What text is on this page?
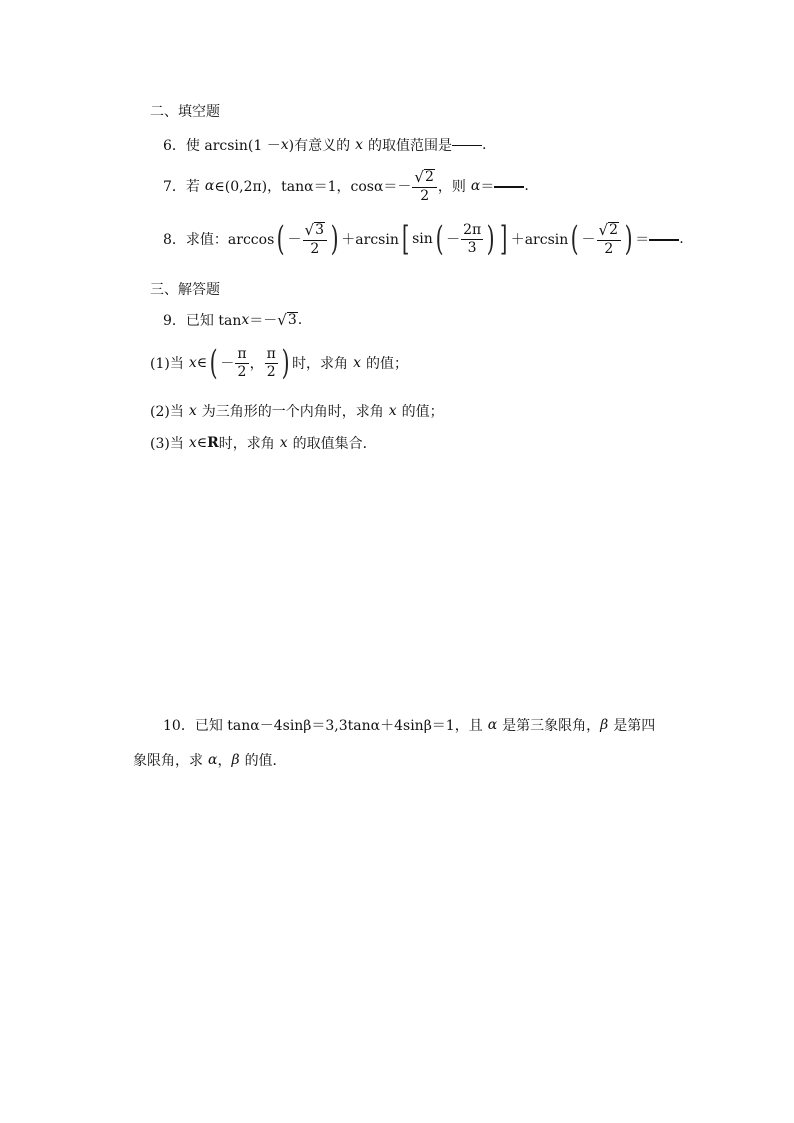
二、填空题
6． 使 arcsin(1 － x )有意义的 x 的取值范围是 .
7． 若 α ∈(0,2π)，tanα＝1，$\cos\alpha=- \frac{√ 2}{2}$ ，则 α ＝ .
8． 求值：arccos ( － $\frac{√ 3}{2}$ ) ＋arcsin [ sin ( － $\frac{2\pi}{3}$ ) ] ＋arcsin ( － $\frac{√ 2}{2}$ ) ＝ .
三、解答题
9． 已知 tan x ＝－ √ 3 .
(1)当 x ∈ ( － $\frac{\pi}{2}$ ， $\frac{\pi}{2}$ ) 时，求角 x 的值；
(2)当 x 为三角形的一个内角时，求角 x 的值；
(3)当 x ∈ R 时，求角 x 的取值集合．
10． 已知 tanα－4sinβ＝3,3tanα＋4sinβ＝1，且 α 是第三象限角， β 是第四
象限角，求 α ， β 的值．
